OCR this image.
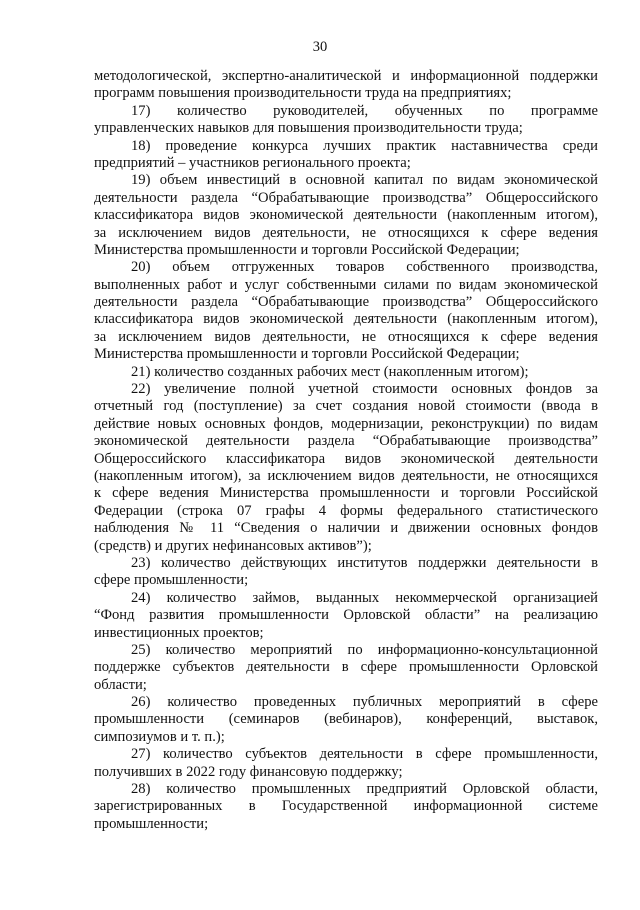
30
методологической, экспертно-аналитической и информационной поддержки
программ повышения производительности труда на предприятиях;
17) количество руководителей, обученных по программе
управленческих навыков для повышения производительности труда;
18) проведение конкурса лучших практик наставничества среди
предприятий – участников регионального проекта;
19) объем инвестиций в основной капитал по видам экономической
деятельности раздела “Обрабатывающие производства” Общероссийского
классификатора видов экономической деятельности (накопленным итогом),
за исключением видов деятельности, не относящихся к сфере ведения
Министерства промышленности и торговли Российской Федерации;
20) объем отгруженных товаров собственного производства,
выполненных работ и услуг собственными силами по видам экономической
деятельности раздела “Обрабатывающие производства” Общероссийского
классификатора видов экономической деятельности (накопленным итогом),
за исключением видов деятельности, не относящихся к сфере ведения
Министерства промышленности и торговли Российской Федерации;
21) количество созданных рабочих мест (накопленным итогом);
22) увеличение полной учетной стоимости основных фондов за
отчетный год (поступление) за счет создания новой стоимости (ввода в
действие новых основных фондов, модернизации, реконструкции) по видам
экономической деятельности раздела “Обрабатывающие производства”
Общероссийского классификатора видов экономической деятельности
(накопленным итогом), за исключением видов деятельности, не относящихся
к сфере ведения Министерства промышленности и торговли Российской
Федерации (строка 07 графы 4 формы федерального статистического
наблюдения № 11 “Сведения о наличии и движении основных фондов
(средств) и других нефинансовых активов”);
23) количество действующих институтов поддержки деятельности в
сфере промышленности;
24) количество займов, выданных некоммерческой организацией
“Фонд развития промышленности Орловской области” на реализацию
инвестиционных проектов;
25) количество мероприятий по информационно-консультационной
поддержке субъектов деятельности в сфере промышленности Орловской
области;
26) количество проведенных публичных мероприятий в сфере
промышленности (семинаров (вебинаров), конференций, выставок,
симпозиумов и т. п.);
27) количество субъектов деятельности в сфере промышленности,
получивших в 2022 году финансовую поддержку;
28) количество промышленных предприятий Орловской области,
зарегистрированных в Государственной информационной системе
промышленности;
